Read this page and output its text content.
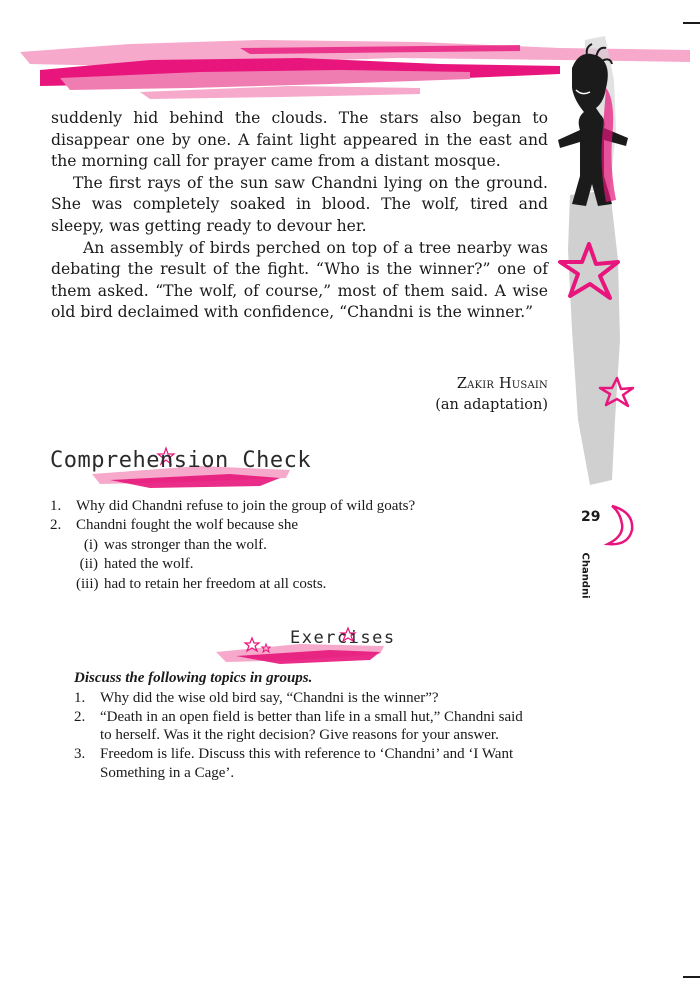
suddenly hid behind the clouds. The stars also began to disappear one by one. A faint light appeared in the east and the morning call for prayer came from a distant mosque.

The first rays of the sun saw Chandni lying on the ground. She was completely soaked in blood. The wolf, tired and sleepy, was getting ready to devour her.

An assembly of birds perched on top of a tree nearby was debating the result of the fight. “Who is the winner?” one of them asked. “The wolf, of course,” most of them said. A wise old bird declaimed with confidence, “Chandni is the winner.”

Zakir Husain
(an adaptation)
Comprehension Check
1. Why did Chandni refuse to join the group of wild goats?
2. Chandni fought the wolf because she
(i) was stronger than the wolf.
(ii) hated the wolf.
(iii) had to retain her freedom at all costs.
Exercises
Discuss the following topics in groups.
1. Why did the wise old bird say, “Chandni is the winner”?
2. “Death in an open field is better than life in a small hut,” Chandni said to herself. Was it the right decision? Give reasons for your answer.
3. Freedom is life. Discuss this with reference to ‘Chandni’ and ‘I Want Something in a Cage’.
29
Chandni
